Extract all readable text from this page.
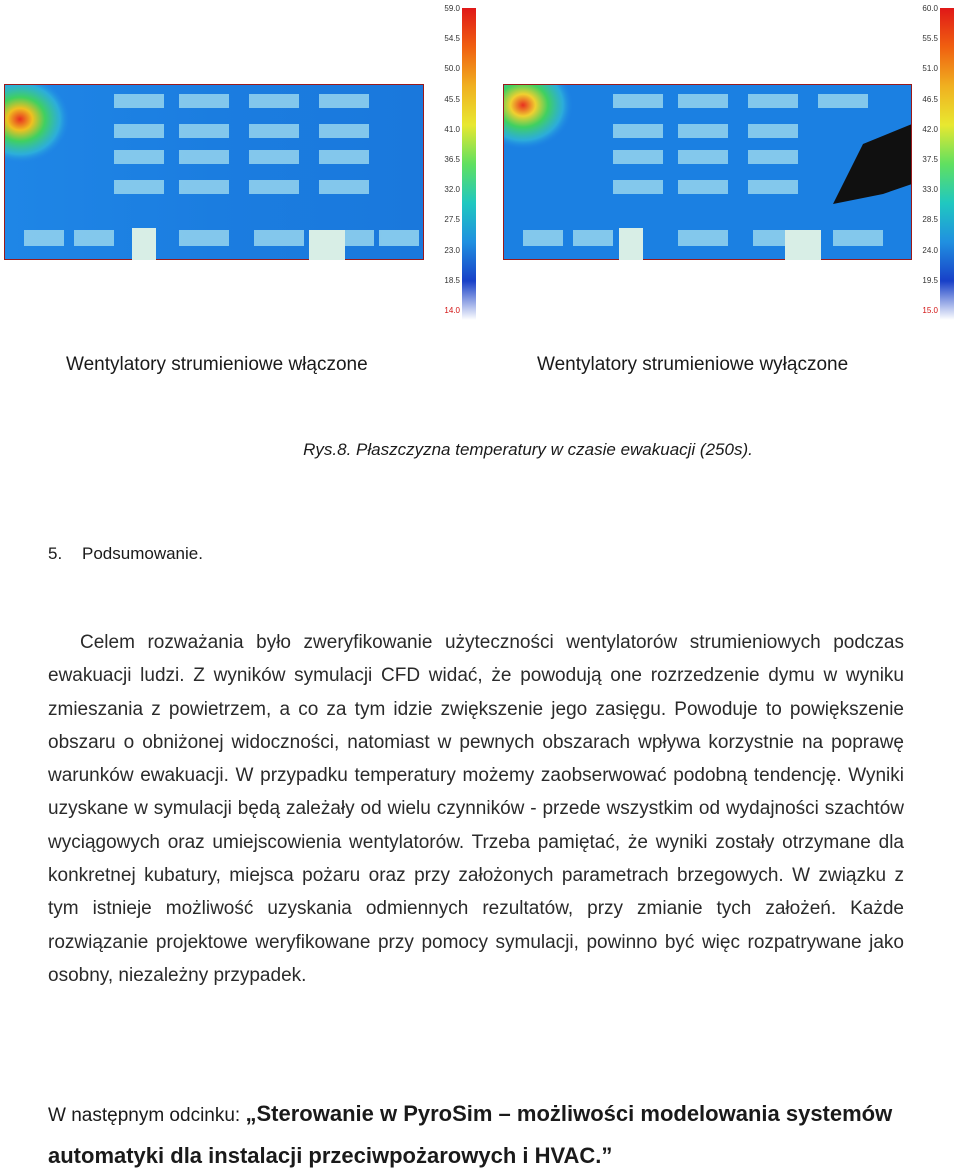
59.0
54.5
50.0
45.5
41.0
36.5
32.0
27.5
23.0
18.5
14.0
60.0
55.5
51.0
46.5
42.0
37.5
33.0
28.5
24.0
19.5
15.0
Wentylatory strumieniowe włączone	Wentylatory strumieniowe wyłączone
Rys.8. Płaszczyzna temperatury w czasie ewakuacji (250s).
5. Podsumowanie.

Celem rozważania było zweryfikowanie użyteczności wentylatorów strumieniowych podczas ewakuacji ludzi. Z wyników symulacji CFD widać, że powodują one rozrzedzenie dymu w wyniku zmieszania z powietrzem, a co za tym idzie zwiększenie jego zasięgu. Powoduje to powiększenie obszaru o obniżonej widoczności, natomiast w pewnych obszarach wpływa korzystnie na poprawę warunków ewakuacji. W przypadku temperatury możemy zaobserwować podobną tendencję. Wyniki uzyskane w symulacji będą zależały od wielu czynników - przede wszystkim od wydajności szachtów wyciągowych oraz umiejscowienia wentylatorów. Trzeba pamiętać, że wyniki zostały otrzymane dla konkretnej kubatury, miejsca pożaru oraz przy założonych parametrach brzegowych. W związku z tym istnieje możliwość uzyskania odmiennych rezultatów, przy zmianie tych założeń. Każde rozwiązanie projektowe weryfikowane przy pomocy symulacji, powinno być więc rozpatrywane jako osobny, niezależny przypadek.

W następnym odcinku: „Sterowanie w PyroSim – możliwości modelowania systemów automatyki dla instalacji przeciwpożarowych i HVAC.”
